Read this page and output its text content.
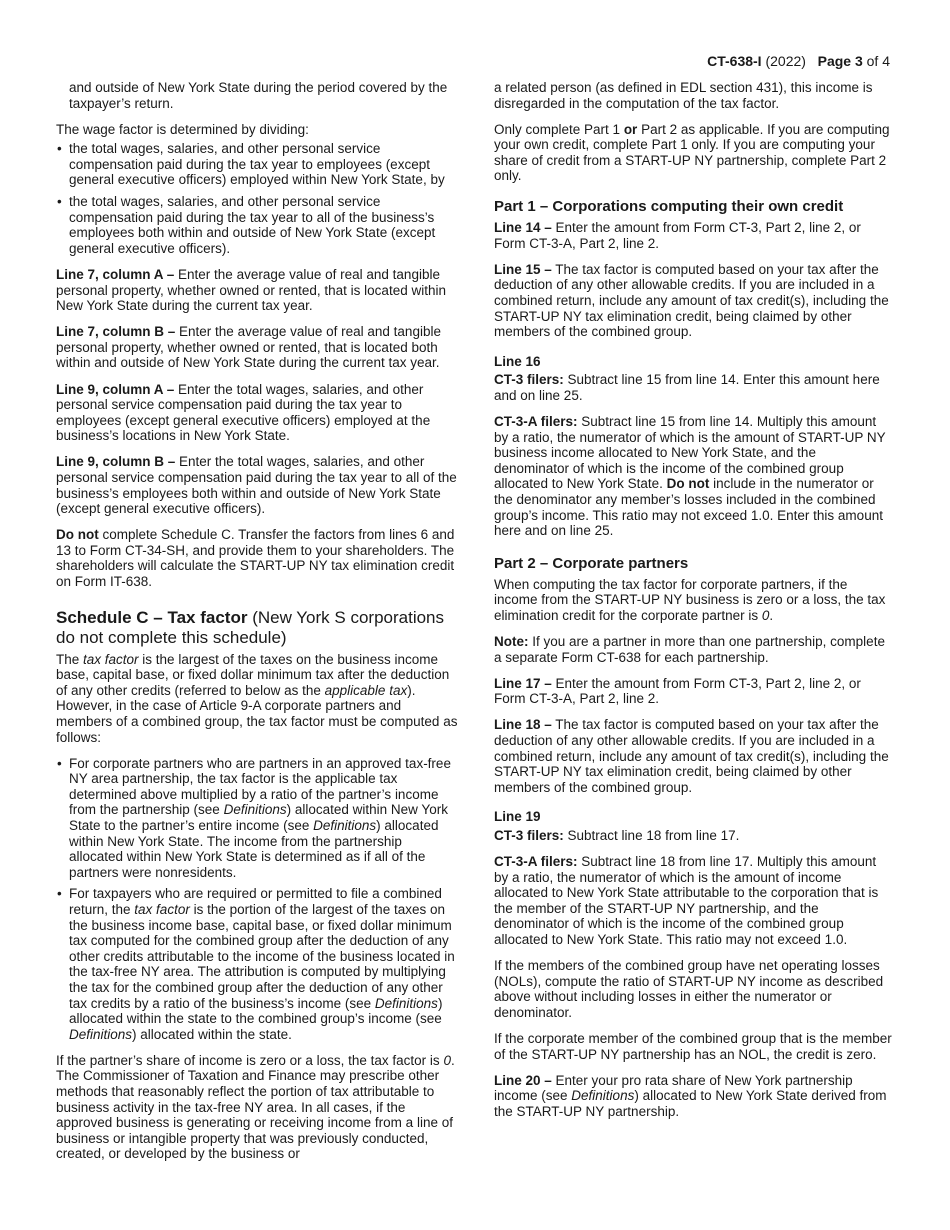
CT-638-I (2022) Page 3 of 4

and outside of New York State during the period covered by the taxpayer’s return.

The wage factor is determined by dividing:

• the total wages, salaries, and other personal service compensation paid during the tax year to employees (except general executive officers) employed within New York State, by
• the total wages, salaries, and other personal service compensation paid during the tax year to all of the business’s employees both within and outside of New York State (except general executive officers).

Line 7, column A – Enter the average value of real and tangible personal property, whether owned or rented, that is located within New York State during the current tax year.

Line 7, column B – Enter the average value of real and tangible personal property, whether owned or rented, that is located both within and outside of New York State during the current tax year.

Line 9, column A – Enter the total wages, salaries, and other personal service compensation paid during the tax year to employees (except general executive officers) employed at the business’s locations in New York State.

Line 9, column B – Enter the total wages, salaries, and other personal service compensation paid during the tax year to all of the business’s employees both within and outside of New York State (except general executive officers).

Do not complete Schedule C. Transfer the factors from lines 6 and 13 to Form CT-34-SH, and provide them to your shareholders. The shareholders will calculate the START-UP NY tax elimination credit on Form IT-638.

Schedule C – Tax factor (New York S corporations do not complete this schedule)

The tax factor is the largest of the taxes on the business income base, capital base, or fixed dollar minimum tax after the deduction of any other credits (referred to below as the applicable tax). However, in the case of Article 9-A corporate partners and members of a combined group, the tax factor must be computed as follows:

• For corporate partners who are partners in an approved tax-free NY area partnership, the tax factor is the applicable tax determined above multiplied by a ratio of the partner’s income from the partnership (see Definitions) allocated within New York State to the partner’s entire income (see Definitions) allocated within New York State. The income from the partnership allocated within New York State is determined as if all of the partners were nonresidents.
• For taxpayers who are required or permitted to file a combined return, the tax factor is the portion of the largest of the taxes on the business income base, capital base, or fixed dollar minimum tax computed for the combined group after the deduction of any other credits attributable to the income of the business located in the tax-free NY area. The attribution is computed by multiplying the tax for the combined group after the deduction of any other tax credits by a ratio of the business’s income (see Definitions) allocated within the state to the combined group’s income (see Definitions) allocated within the state.

If the partner’s share of income is zero or a loss, the tax factor is 0. The Commissioner of Taxation and Finance may prescribe other methods that reasonably reflect the portion of tax attributable to business activity in the tax-free NY area. In all cases, if the approved business is generating or receiving income from a line of business or intangible property that was previously conducted, created, or developed by the business or

a related person (as defined in EDL section 431), this income is disregarded in the computation of the tax factor.

Only complete Part 1 or Part 2 as applicable. If you are computing your own credit, complete Part 1 only. If you are computing your share of credit from a START-UP NY partnership, complete Part 2 only.

Part 1 – Corporations computing their own credit

Line 14 – Enter the amount from Form CT-3, Part 2, line 2, or Form CT-3-A, Part 2, line 2.

Line 15 – The tax factor is computed based on your tax after the deduction of any other allowable credits. If you are included in a combined return, include any amount of tax credit(s), including the START-UP NY tax elimination credit, being claimed by other members of the combined group.

Line 16

CT-3 filers: Subtract line 15 from line 14. Enter this amount here and on line 25.

CT-3-A filers: Subtract line 15 from line 14. Multiply this amount by a ratio, the numerator of which is the amount of START-UP NY business income allocated to New York State, and the denominator of which is the income of the combined group allocated to New York State. Do not include in the numerator or the denominator any member’s losses included in the combined group’s income. This ratio may not exceed 1.0. Enter this amount here and on line 25.

Part 2 – Corporate partners

When computing the tax factor for corporate partners, if the income from the START-UP NY business is zero or a loss, the tax elimination credit for the corporate partner is 0.

Note: If you are a partner in more than one partnership, complete a separate Form CT-638 for each partnership.

Line 17 – Enter the amount from Form CT-3, Part 2, line 2, or Form CT-3-A, Part 2, line 2.

Line 18 – The tax factor is computed based on your tax after the deduction of any other allowable credits. If you are included in a combined return, include any amount of tax credit(s), including the START-UP NY tax elimination credit, being claimed by other members of the combined group.

Line 19

CT-3 filers: Subtract line 18 from line 17.

CT-3-A filers: Subtract line 18 from line 17. Multiply this amount by a ratio, the numerator of which is the amount of income allocated to New York State attributable to the corporation that is the member of the START-UP NY partnership, and the denominator of which is the income of the combined group allocated to New York State. This ratio may not exceed 1.0.

If the members of the combined group have net operating losses (NOLs), compute the ratio of START-UP NY income as described above without including losses in either the numerator or denominator.

If the corporate member of the combined group that is the member of the START-UP NY partnership has an NOL, the credit is zero.

Line 20 – Enter your pro rata share of New York partnership income (see Definitions) allocated to New York State derived from the START-UP NY partnership.
